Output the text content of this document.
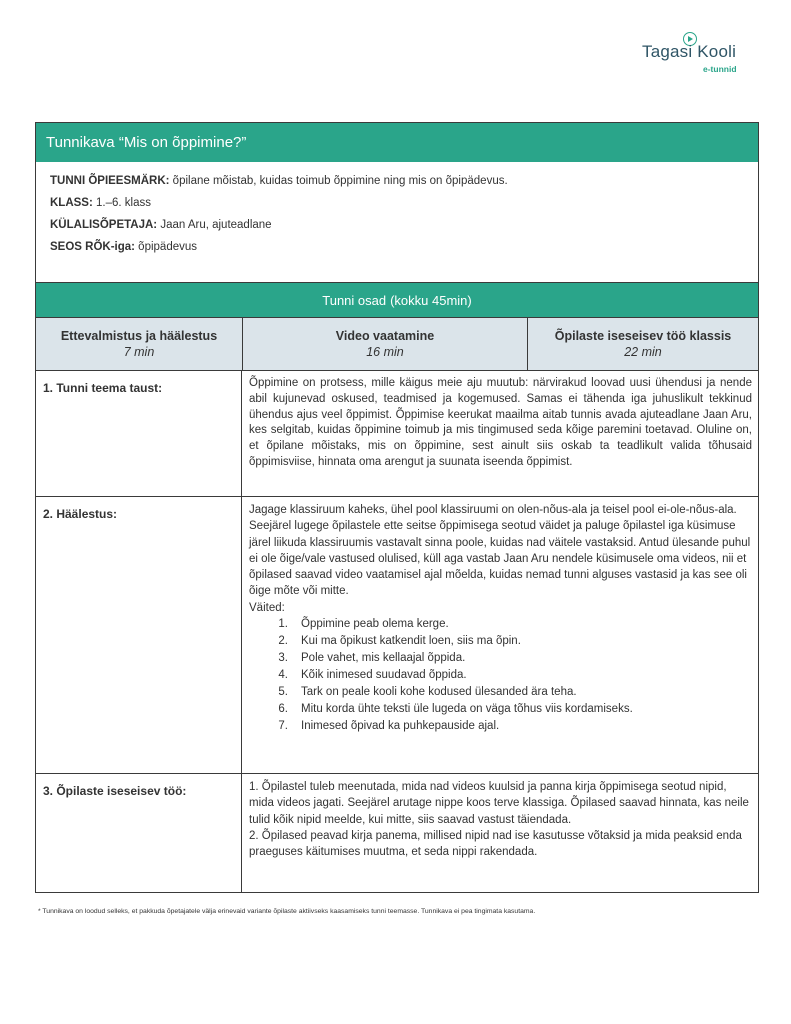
Tagasi Kooli
e-tunnid
Tunnikava “Mis on õppimine?”
TUNNI ÕPIEESMÄRK: õpilane mõistab, kuidas toimub õppimine ning mis on õpipädevus.
KLASS: 1.–6. klass
KÜLALISÕPETAJA: Jaan Aru, ajuteadlane
SEOS RÕK-iga: õpipädevus
Tunni osad (kokku 45min)
Ettevalmistus ja häälestus
7 min
Video vaatamine
16 min
Õpilaste iseseisev töö klassis
22 min
1. Tunni teema taust:	Õppimine on protsess, mille käigus meie aju muutub: närvirakud loovad uusi ühendusi ja nende abil kujunevad oskused, teadmised ja kogemused. Samas ei tähenda iga juhuslikult tekkinud ühendus ajus veel õppimist. Õppimise keerukat maailma aitab tunnis avada ajuteadlane Jaan Aru, kes selgitab, kuidas õppimine toimub ja mis tingimused seda kõige paremini toetavad. Oluline on, et õpilane mõistaks, mis on õppimine, sest ainult siis oskab ta teadlikult valida tõhusaid õppimisviise, hinnata oma arengut ja suunata iseenda õppimist.
2. Häälestus:	Jagage klassiruum kaheks, ühel pool klassiruumi on olen-nõus-ala ja teisel pool ei-ole-nõus-ala. Seejärel lugege õpilastele ette seitse õppimisega seotud väidet ja paluge õpilastel iga küsimuse järel liikuda klassiruumis vastavalt sinna poole, kuidas nad väitele vastaksid. Antud ülesande puhul ei ole õige/vale vastused olulised, küll aga vastab Jaan Aru nendele küsimusele oma videos, nii et õpilased saavad video vaatamisel ajal mõelda, kuidas nemad tunni alguses vastasid ja kas see oli õige mõte või mitte.

Väited:

1.	Õppimine peab olema kerge.
2.	Kui ma õpikust katkendit loen, siis ma õpin.
3.	Pole vahet, mis kellaajal õppida.
4.	Kõik inimesed suudavad õppida.
5.	Tark on peale kooli kohe kodused ülesanded ära teha.
6.	Mitu korda ühte teksti üle lugeda on väga tõhus viis kordamiseks.
7.	Inimesed õpivad ka puhkepauside ajal.
3. Õpilaste iseseisev töö:	1. Õpilastel tuleb meenutada, mida nad videos kuulsid ja panna kirja õppimisega seotud nipid, mida videos jagati. Seejärel arutage nippe koos terve klassiga. Õpilased saavad hinnata, kas neile tulid kõik nipid meelde, kui mitte, siis saavad vastust täiendada.

2. Õpilased peavad kirja panema, millised nipid nad ise kasutusse võtaksid ja mida peaksid enda praeguses käitumises muutma, et seda nippi rakendada.

* Tunnikava on loodud selleks, et pakkuda õpetajatele välja erinevaid variante õpilaste aktiivseks kaasamiseks tunni teemasse. Tunnikava ei pea tingimata kasutama.
